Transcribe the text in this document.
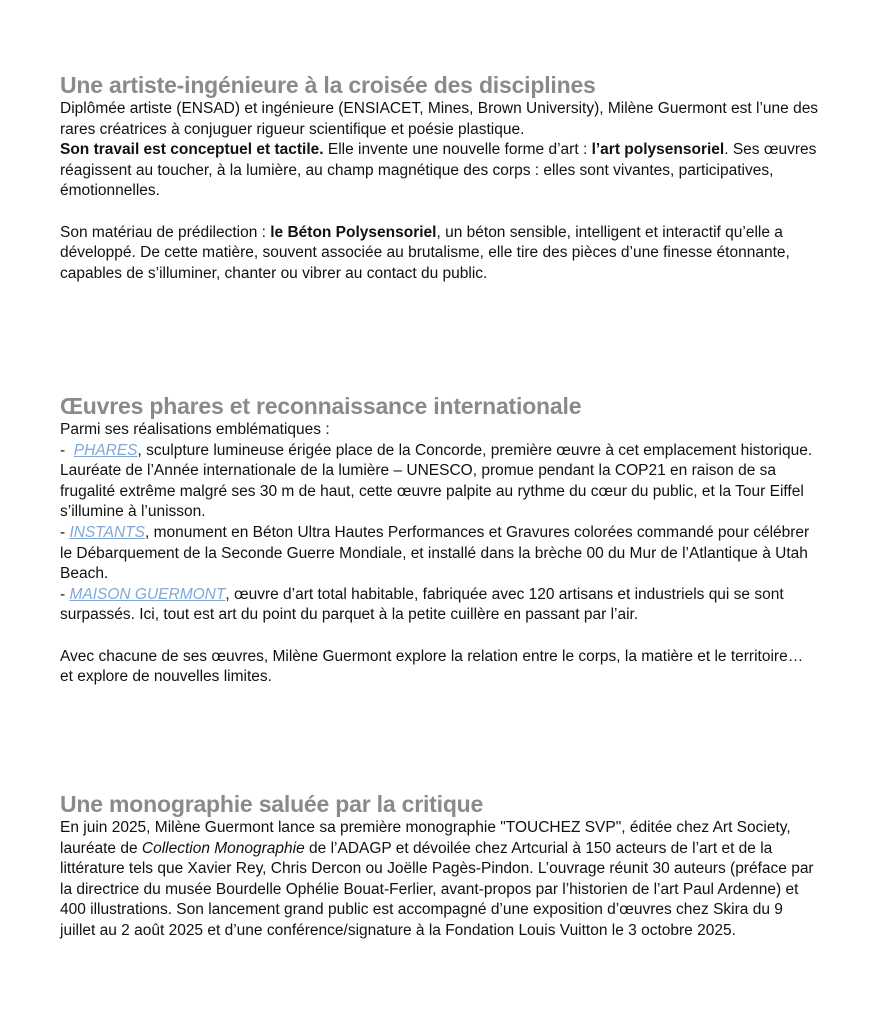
Une artiste-ingénieure à la croisée des disciplines

Diplômée artiste (ENSAD) et ingénieure (ENSIACET, Mines, Brown University), Milène Guermont est l’une des rares créatrices à conjuguer rigueur scientifique et poésie plastique.

Son travail est conceptuel et tactile. Elle invente une nouvelle forme d’art : l’art polysensoriel. Ses œuvres réagissent au toucher, à la lumière, au champ magnétique des corps : elles sont vivantes, participatives, émotionnelles.

Son matériau de prédilection : le Béton Polysensoriel, un béton sensible, intelligent et interactif qu’elle a développé. De cette matière, souvent associée au brutalisme, elle tire des pièces d’une finesse étonnante, capables de s’illuminer, chanter ou vibrer au contact du public.

Œuvres phares et reconnaissance internationale

Parmi ses réalisations emblématiques :

-  PHARES, sculpture lumineuse érigée place de la Concorde, première œuvre à cet emplacement historique. Lauréate de l’Année internationale de la lumière – UNESCO, promue pendant la COP21 en raison de sa frugalité extrême malgré ses 30 m de haut, cette œuvre palpite au rythme du cœur du public, et la Tour Eiffel s’illumine à l’unisson.

- INSTANTS, monument en Béton Ultra Hautes Performances et Gravures colorées commandé pour célébrer le Débarquement de la Seconde Guerre Mondiale, et installé dans la brèche 00 du Mur de l’Atlantique à Utah Beach.

- MAISON GUERMONT, œuvre d’art total habitable, fabriquée avec 120 artisans et industriels qui se sont surpassés. Ici, tout est art du point du parquet à la petite cuillère en passant par l’air.

Avec chacune de ses œuvres, Milène Guermont explore la relation entre le corps, la matière et le territoire… et explore de nouvelles limites.

Une monographie saluée par la critique

En juin 2025, Milène Guermont lance sa première monographie "TOUCHEZ SVP", éditée chez Art Society, lauréate de Collection Monographie de l’ADAGP et dévoilée chez Artcurial à 150 acteurs de l’art et de la littérature tels que Xavier Rey, Chris Dercon ou Joëlle Pagès-Pindon. L’ouvrage réunit 30 auteurs (préface par la directrice du musée Bourdelle Ophélie Bouat-Ferlier, avant-propos par l’historien de l’art Paul Ardenne) et 400 illustrations. Son lancement grand public est accompagné d’une exposition d’œuvres chez Skira du 9 juillet au 2 août 2025 et d’une conférence/signature à la Fondation Louis Vuitton le 3 octobre 2025.
